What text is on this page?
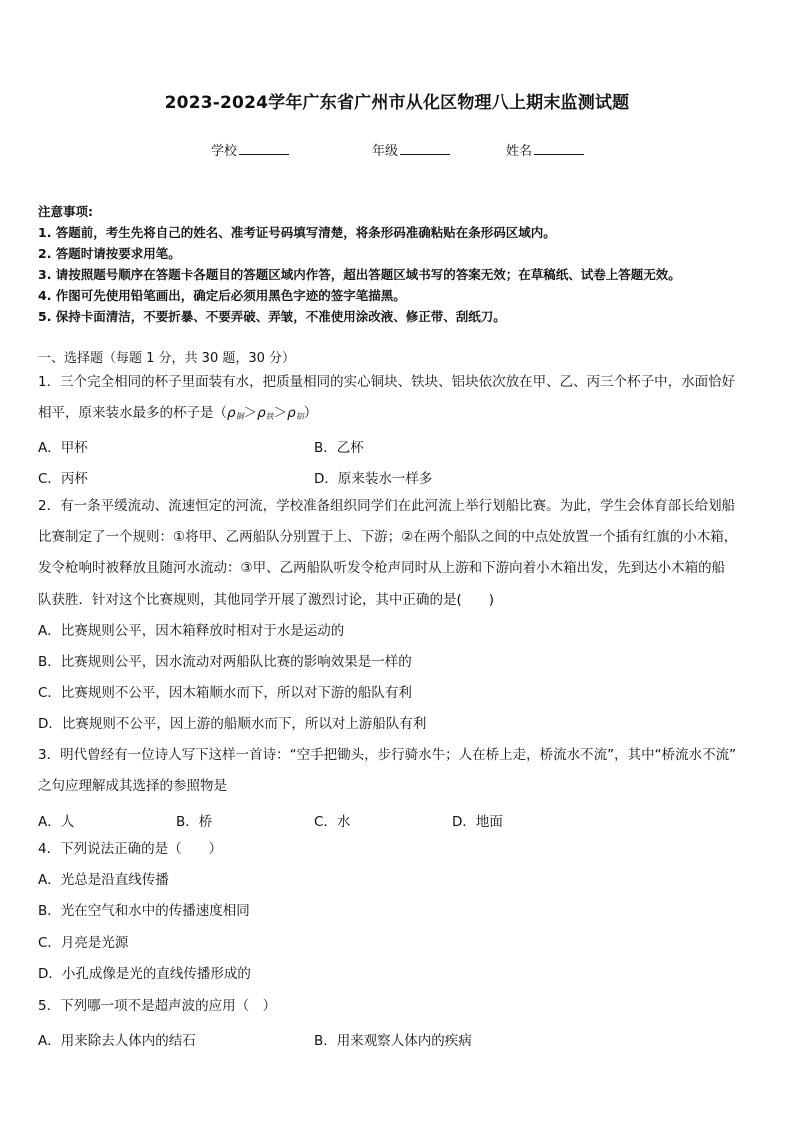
2023-2024学年广东省广州市从化区物理八上期末监测试题
学校	年级	姓名
注意事项:
1. 答题前，考生先将自己的姓名、准考证号码填写清楚，将条形码准确粘贴在条形码区域内。
2. 答题时请按要求用笔。
3. 请按照题号顺序在答题卡各题目的答题区域内作答，超出答题区域书写的答案无效；在草稿纸、试卷上答题无效。
4. 作图可先使用铅笔画出，确定后必须用黑色字迹的签字笔描黑。
5. 保持卡面清洁，不要折暴、不要弄破、弄皱，不准使用涂改液、修正带、刮纸刀。
一、选择题（每题 1 分，共 30 题，30 分）
1．三个完全相同的杯子里面装有水，把质量相同的实心铜块、铁块、铝块依次放在甲、乙、丙三个杯子中，水面恰好
相平，原来装水最多的杯子是$(\rho_铜>\rho_铁>\rho_铝)$
A．甲杯	B．乙杯
C．丙杯	D．原来装水一样多
2．有一条平缓流动、流速恒定的河流，学校准备组织同学们在此河流上举行划船比赛。为此，学生会体育部长给划船
比赛制定了一个规则：①将甲、乙两船队分别置于上、下游；②在两个船队之间的中点处放置一个插有红旗的小木箱，
发令枪响时被释放且随河水流动：③甲、乙两船队听发令枪声同时从上游和下游向着小木箱出发，先到达小木箱的船
队获胜．针对这个比赛规则，其他同学开展了激烈讨论，其中正确的是(　　)
A．比赛规则公平，因木箱释放时相对于水是运动的
B．比赛规则公平，因水流动对两船队比赛的影响效果是一样的
C．比赛规则不公平，因木箱顺水而下，所以对下游的船队有利
D．比赛规则不公平，因上游的船顺水而下，所以对上游船队有利
3．明代曾经有一位诗人写下这样一首诗：“空手把锄头，步行骑水牛；人在桥上走，桥流水不流”，其中“桥流水不流”
之句应理解成其选择的参照物是
A．人	B．桥	C．水	D．地面
4．下列说法正确的是（　　）
A．光总是沿直线传播
B．光在空气和水中的传播速度相同
C．月亮是光源
D．小孔成像是光的直线传播形成的
5．下列哪一项不是超声波的应用（　）
A．用来除去人体内的结石	B．用来观察人体内的疾病
